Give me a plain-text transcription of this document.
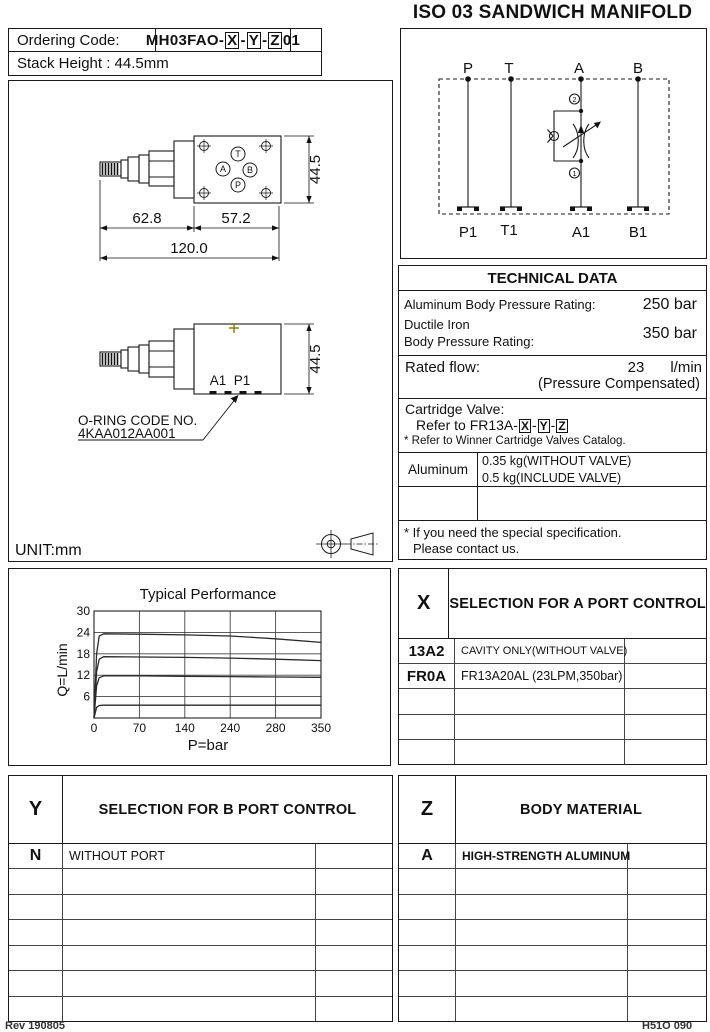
Ordering Code:	MH03FAO- X - Y - Z 01
Stack Height : 44.5mm
ISO 03 SANDWICH MANIFOLD
P T	A	B
P1 T1	A1	B1
2
1
T
A B
P
62.8	57.2
120.0
44.5
A1 P1
O-RING CODE NO.
4KAA012AA001
44.5
UNIT:mm
TECHNICAL DATA
Aluminum Body Pressure Rating:	250 bar
Ductile Iron
Body Pressure Rating:	350 bar
Rated flow:	23	l/min
(Pressure Compensated)
Cartridge Valve:
Refer to FR13A- X - Y - Z
* Refer to Winner Cartridge Valves Catalog.
Aluminum
0.35 kg(WITHOUT VALVE)
0.5 kg(INCLUDE VALVE)
* If you need the special specification.
Please contact us.
Typical Performance
Q=L/min
P=bar
0	70 140 240 280 350
6
12
18
24
30	X	SELECTION FOR A PORT CONTROL
13A2	CAVITY ONLY(WITHOUT VALVE)
FR0A	FR13A20AL (23LPM,350bar)
Y	SELECTION FOR B PORT CONTROL
N	WITHOUT PORT
Z	BODY MATERIAL
A	HIGH-STRENGTH ALUMINUM
Rev 190805	H51O 090
